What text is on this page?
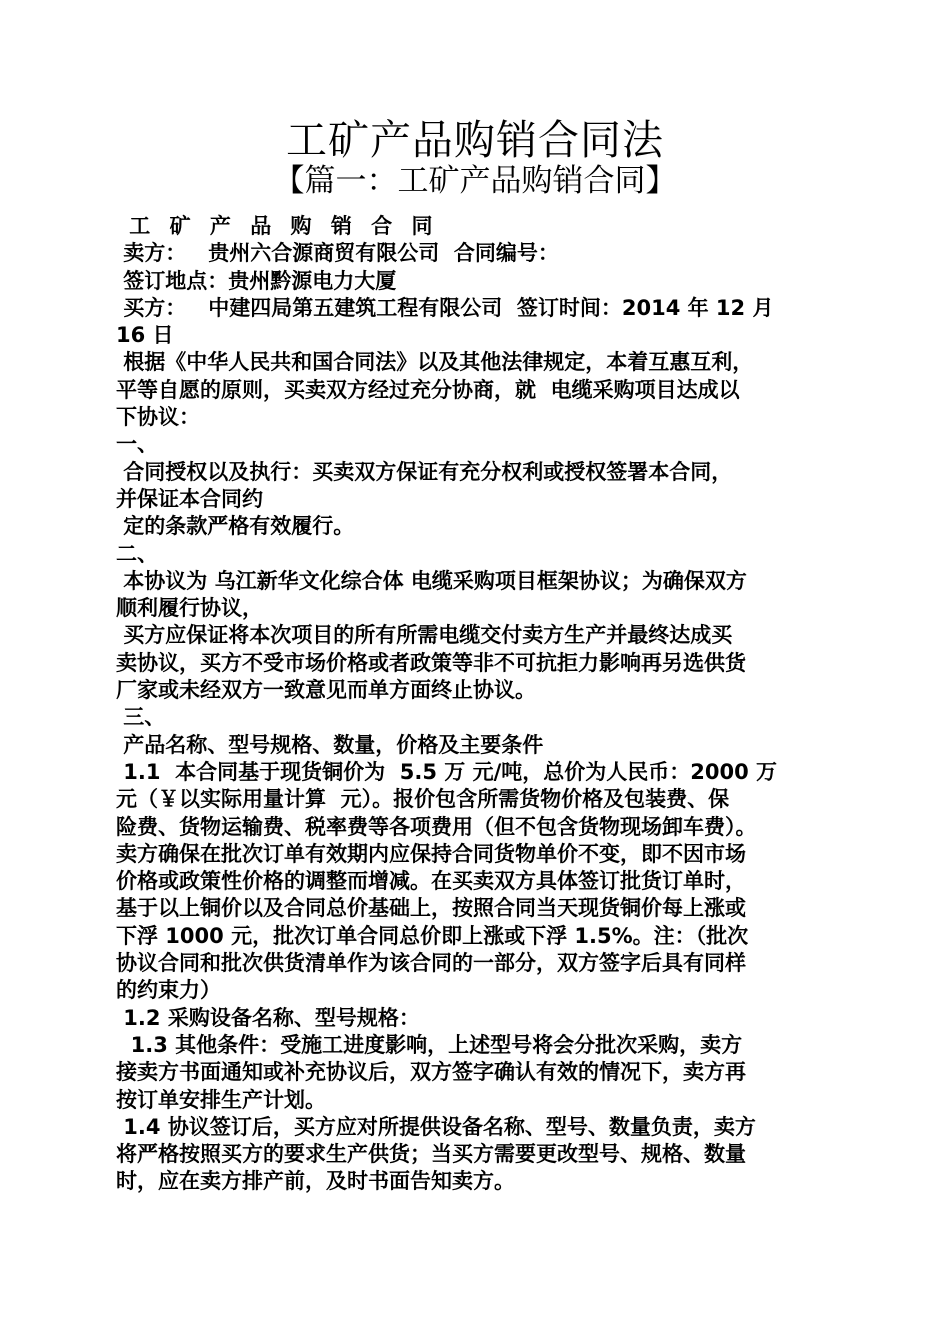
工矿产品购销合同法
【篇一：工矿产品购销合同】
工 矿 产 品 购 销 合 同
卖方：   贵州六合源商贸有限公司  合同编号：
签订地点：贵州黔源电力大厦
买方：   中建四局第五建筑工程有限公司  签订时间：2014 年 12 月
16 日
根据《中华人民共和国合同法》以及其他法律规定，本着互惠互利，
平等自愿的原则，买卖双方经过充分协商，就  电缆采购项目达成以
下协议：
一、
合同授权以及执行：买卖双方保证有充分权利或授权签署本合同，
并保证本合同约
定的条款严格有效履行。
二、
本协议为 乌江新华文化综合体 电缆采购项目框架协议；为确保双方
顺利履行协议，
买方应保证将本次项目的所有所需电缆交付卖方生产并最终达成买
卖协议，买方不受市场价格或者政策等非不可抗拒力影响再另选供货
厂家或未经双方一致意见而单方面终止协议。
三、
产品名称、型号规格、数量，价格及主要条件
1.1  本合同基于现货铜价为  5.5 万 元/吨，总价为人民币：2000 万
元（￥以实际用量计算  元）。报价包含所需货物价格及包装费、保
险费、货物运输费、税率费等各项费用（但不包含货物现场卸车费）。
卖方确保在批次订单有效期内应保持合同货物单价不变，即不因市场
价格或政策性价格的调整而增减。在买卖双方具体签订批货订单时，
基于以上铜价以及合同总价基础上，按照合同当天现货铜价每上涨或
下浮 1000 元，批次订单合同总价即上涨或下浮 1.5%。注：（批次
协议合同和批次供货清单作为该合同的一部分，双方签字后具有同样
的约束力）
1.2 采购设备名称、型号规格：
1.3 其他条件：受施工进度影响，上述型号将会分批次采购，卖方
接卖方书面通知或补充协议后，双方签字确认有效的情况下，卖方再
按订单安排生产计划。
1.4 协议签订后，买方应对所提供设备名称、型号、数量负责，卖方
将严格按照买方的要求生产供货；当买方需要更改型号、规格、数量
时，应在卖方排产前，及时书面告知卖方。
